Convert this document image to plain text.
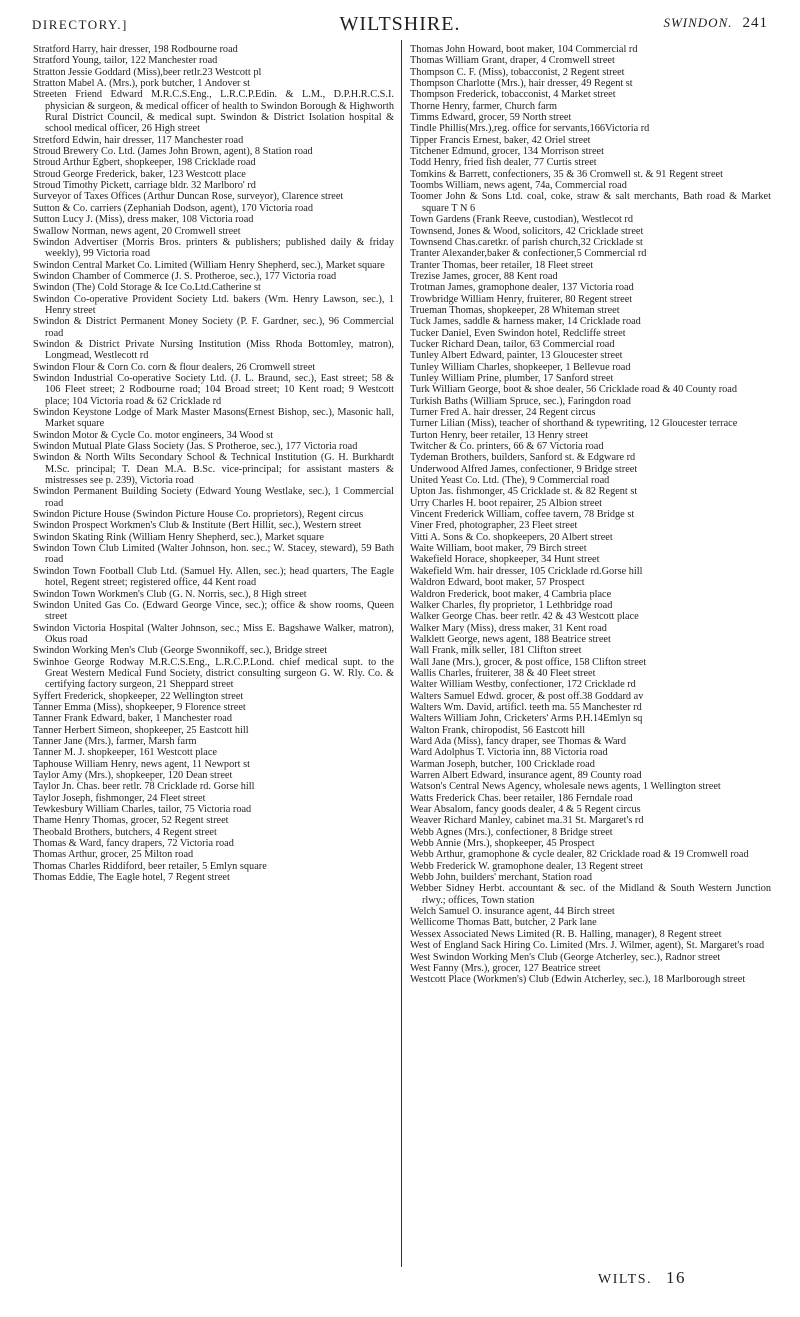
DIRECTORY.]	WILTSHIRE.	SWINDON. 241
Stratford Harry, hair dresser, 198 Rodbourne road
Stratford Young, tailor, 122 Manchester road
Stratton Jessie Goddard (Miss),beer retlr.23 Westcott pl
Stratton Mabel A. (Mrs.), pork butcher, 1 Andover st
Streeten Friend Edward M.R.C.S.Eng., L.R.C.P.Edin. & L.M., D.P.H.R.C.S.I. physician & surgeon, & medical officer of health to Swindon Borough & Highworth Rural District Council, & medical supt. Swindon & District Isolation hospital & school medical officer, 26 High street
Stretford Edwin, hair dresser, 117 Manchester road
Stroud Brewery Co. Ltd. (James John Brown, agent), 8 Station road
Stroud Arthur Egbert, shopkeeper, 198 Cricklade road
Stroud George Frederick, baker, 123 Westcott place
Stroud Timothy Pickett, carriage bldr. 32 Marlboro' rd
Surveyor of Taxes Offices (Arthur Duncan Rose, surveyor), Clarence street
Sutton & Co. carriers (Zephaniah Dodson, agent), 170 Victoria road
Sutton Lucy J. (Miss), dress maker, 108 Victoria road
Swallow Norman, news agent, 20 Cromwell street
Swindon Advertiser (Morris Bros. printers & publishers; published daily & friday weekly), 99 Victoria road
Swindon Central Market Co. Limited (William Henry Shepherd, sec.), Market square
Swindon Chamber of Commerce (J. S. Protheroe, sec.), 177 Victoria road
Swindon (The) Cold Storage & Ice Co.Ltd.Catherine st
Swindon Co-operative Provident Society Ltd. bakers (Wm. Henry Lawson, sec.), 1 Henry street
Swindon & District Permanent Money Society (P. F. Gardner, sec.), 96 Commercial road
Swindon & District Private Nursing Institution (Miss Rhoda Bottomley, matron), Longmead, Westlecott rd
Swindon Flour & Corn Co. corn & flour dealers, 26 Cromwell street
Swindon Industrial Co-operative Society Ltd. (J. L. Braund, sec.), East street; 58 & 106 Fleet street; 2 Rodbourne road; 104 Broad street; 10 Kent road; 9 Westcott place; 104 Victoria road & 62 Cricklade rd
Swindon Keystone Lodge of Mark Master Masons(Ernest Bishop, sec.), Masonic hall, Market square
Swindon Motor & Cycle Co. motor engineers, 34 Wood st
Swindon Mutual Plate Glass Society (Jas. S Protheroe, sec.), 177 Victoria road
Swindon & North Wilts Secondary School & Technical Institution (G. H. Burkhardt M.Sc. principal; T. Dean M.A. B.Sc. vice-principal; for assistant masters & mistresses see p. 239), Victoria road
Swindon Permanent Building Society (Edward Young Westlake, sec.), 1 Commercial road
Swindon Picture House (Swindon Picture House Co. proprietors), Regent circus
Swindon Prospect Workmen's Club & Institute (Bert Hillit, sec.), Western street
Swindon Skating Rink (William Henry Shepherd, sec.), Market square
Swindon Town Club Limited (Walter Johnson, hon. sec.; W. Stacey, steward), 59 Bath road
Swindon Town Football Club Ltd. (Samuel Hy. Allen, sec.); head quarters, The Eagle hotel, Regent street; registered office, 44 Kent road
Swindon Town Workmen's Club (G. N. Norris, sec.), 8 High street
Swindon United Gas Co. (Edward George Vince, sec.); office & show rooms, Queen street
Swindon Victoria Hospital (Walter Johnson, sec.; Miss E. Bagshawe Walker, matron), Okus road
Swindon Working Men's Club (George Swonnikoff, sec.), Bridge street
Swinhoe George Rodway M.R.C.S.Eng., L.R.C.P.Lond. chief medical supt. to the Great Western Medical Fund Society, district consulting surgeon G. W. Rly. Co. & certifying factory surgeon, 21 Sheppard street
Syffert Frederick, shopkeeper, 22 Wellington street
Tanner Emma (Miss), shopkeeper, 9 Florence street
Tanner Frank Edward, baker, 1 Manchester road
Tanner Herbert Simeon, shopkeeper, 25 Eastcott hill
Tanner Jane (Mrs.), farmer, Marsh farm
Tanner M. J. shopkeeper, 161 Westcott place
Taphouse William Henry, news agent, 11 Newport st
Taylor Amy (Mrs.), shopkeeper, 120 Dean street
Taylor Jn. Chas. beer retlr. 78 Cricklade rd. Gorse hill
Taylor Joseph, fishmonger, 24 Fleet street
Tewkesbury William Charles, tailor, 75 Victoria road
Thame Henry Thomas, grocer, 52 Regent street
Theobald Brothers, butchers, 4 Regent street
Thomas & Ward, fancy drapers, 72 Victoria road
Thomas Arthur, grocer, 25 Milton road
Thomas Charles Riddiford, beer retailer, 5 Emlyn square
Thomas Eddie, The Eagle hotel, 7 Regent street
Thomas John Howard, boot maker, 104 Commercial rd
Thomas William Grant, draper, 4 Cromwell street
Thompson C. F. (Miss), tobacconist, 2 Regent street
Thompson Charlotte (Mrs.), hair dresser, 49 Regent st
Thompson Frederick, tobacconist, 4 Market street
Thorne Henry, farmer, Church farm
Timms Edward, grocer, 59 North street
Tindle Phillis(Mrs.),reg. office for servants,166Victoria rd
Tipper Francis Ernest, baker, 42 Oriel street
Titchener Edmund, grocer, 134 Morrison street
Todd Henry, fried fish dealer, 77 Curtis street
Tomkins & Barrett, confectioners, 35 & 36 Cromwell st. & 91 Regent street
Toombs William, news agent, 74a, Commercial road
Toomer John & Sons Ltd. coal, coke, straw & salt merchants, Bath road & Market square T N 6
Town Gardens (Frank Reeve, custodian), Westlecot rd
Townsend, Jones & Wood, solicitors, 42 Cricklade street
Townsend Chas.caretkr. of parish church,32 Cricklade st
Tranter Alexander,baker & confectioner,5 Commercial rd
Tranter Thomas, beer retailer, 18 Fleet street
Trezise James, grocer, 88 Kent road
Trotman James, gramophone dealer, 137 Victoria road
Trowbridge William Henry, fruiterer, 80 Regent street
Trueman Thomas, shopkeeper, 28 Whiteman street
Tuck James, saddle & harness maker, 14 Cricklade road
Tucker Daniel, Even Swindon hotel, Redcliffe street
Tucker Richard Dean, tailor, 63 Commercial road
Tunley Albert Edward, painter, 13 Gloucester street
Tunley William Charles, shopkeeper, 1 Bellevue road
Tunley William Prine, plumber, 17 Sanford street
Turk William George, boot & shoe dealer, 56 Cricklade road & 40 County road
Turkish Baths (William Spruce, sec.), Faringdon road
Turner Fred A. hair dresser, 24 Regent circus
Turner Lilian (Miss), teacher of shorthand & typewriting, 12 Gloucester terrace
Turton Henry, beer retailer, 13 Henry street
Twitcher & Co. printers, 66 & 67 Victoria road
Tydeman Brothers, builders, Sanford st. & Edgware rd
Underwood Alfred James, confectioner, 9 Bridge street
United Yeast Co. Ltd. (The), 9 Commercial road
Upton Jas. fishmonger, 45 Cricklade st. & 82 Regent st
Urry Charles H. boot repairer, 25 Albion street
Vincent Frederick William, coffee tavern, 78 Bridge st
Viner Fred, photographer, 23 Fleet street
Vitti A. Sons & Co. shopkeepers, 20 Albert street
Waite William, boot maker, 79 Birch street
Wakefield Horace, shopkeeper, 34 Hunt street
Wakefield Wm. hair dresser, 105 Cricklade rd.Gorse hill
Waldron Edward, boot maker, 57 Prospect
Waldron Frederick, boot maker, 4 Cambria place
Walker Charles, fly proprietor, 1 Lethbridge road
Walker George Chas. beer retlr. 42 & 43 Westcott place
Walker Mary (Miss), dress maker, 31 Kent road
Walklett George, news agent, 188 Beatrice street
Wall Frank, milk seller, 181 Clifton street
Wall Jane (Mrs.), grocer, & post office, 158 Clifton street
Wallis Charles, fruiterer, 38 & 40 Fleet street
Walter William Westby, confectioner, 172 Cricklade rd
Walters Samuel Edwd. grocer, & post off.38 Goddard av
Walters Wm. David, artificl. teeth ma. 55 Manchester rd
Walters William John, Cricketers' Arms P.H.14Emlyn sq
Walton Frank, chiropodist, 56 Eastcott hill
Ward Ada (Miss), fancy draper, see Thomas & Ward
Ward Adolphus T. Victoria inn, 88 Victoria road
Warman Joseph, butcher, 100 Cricklade road
Warren Albert Edward, insurance agent, 89 County road
Watson's Central News Agency, wholesale news agents, 1 Wellington street
Watts Frederick Chas. beer retailer, 186 Ferndale road
Wear Absalom, fancy goods dealer, 4 & 5 Regent circus
Weaver Richard Manley, cabinet ma.31 St. Margaret's rd
Webb Agnes (Mrs.), confectioner, 8 Bridge street
Webb Annie (Mrs.), shopkeeper, 45 Prospect
Webb Arthur, gramophone & cycle dealer, 82 Cricklade road & 19 Cromwell road
Webb Frederick W. gramophone dealer, 13 Regent street
Webb John, builders' merchant, Station road
Webber Sidney Herbt. accountant & sec. of the Midland & South Western Junction rlwy.; offices, Town station
Welch Samuel O. insurance agent, 44 Birch street
Wellicome Thomas Batt, butcher, 2 Park lane
Wessex Associated News Limited (R. B. Halling, manager), 8 Regent street
West of England Sack Hiring Co. Limited (Mrs. J. Wilmer, agent), St. Margaret's road
West Swindon Working Men's Club (George Atcherley, sec.), Radnor street
West Fanny (Mrs.), grocer, 127 Beatrice street
Westcott Place (Workmen's) Club (Edwin Atcherley, sec.), 18 Marlborough street
WILTS. 16
